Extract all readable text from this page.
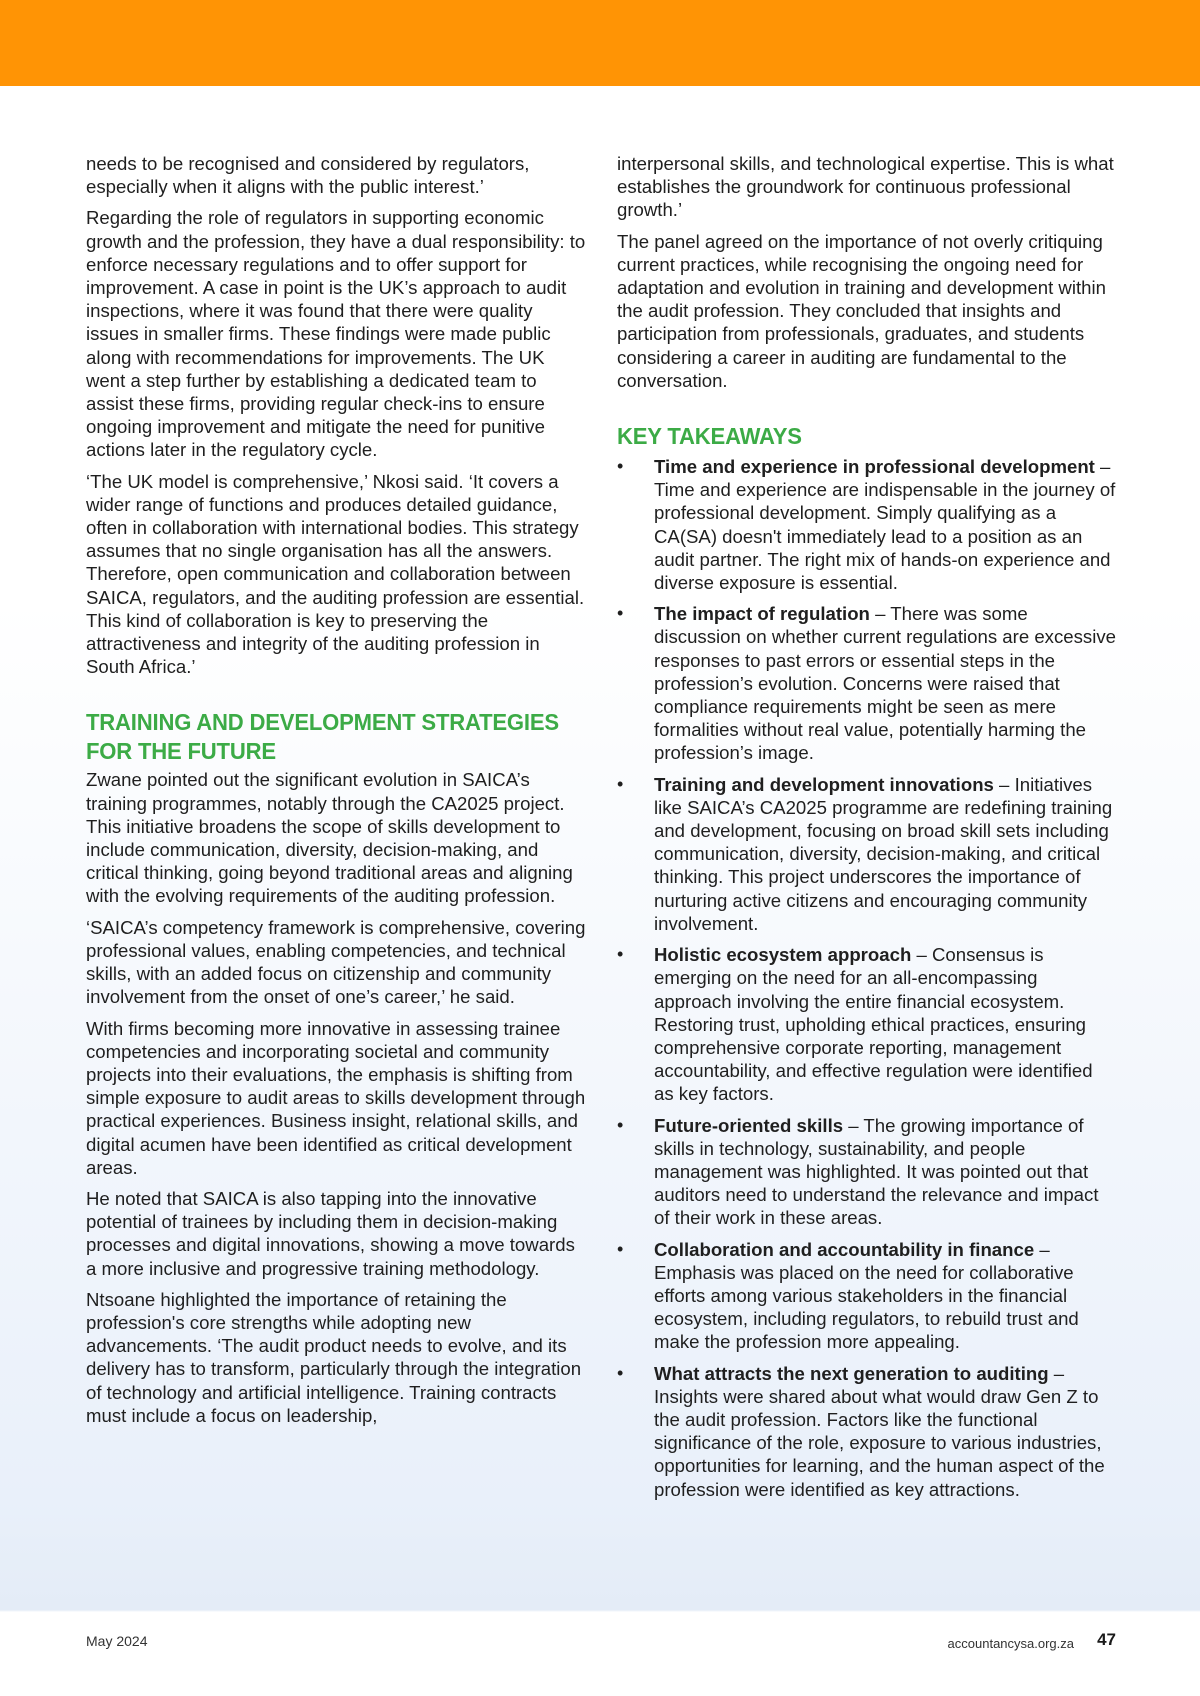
needs to be recognised and considered by regulators, especially when it aligns with the public interest.’

Regarding the role of regulators in supporting economic growth and the profession, they have a dual responsibility: to enforce necessary regulations and to offer support for improvement. A case in point is the UK’s approach to audit inspections, where it was found that there were quality issues in smaller firms. These findings were made public along with recommendations for improvements. The UK went a step further by establishing a dedicated team to assist these firms, providing regular check-ins to ensure ongoing improvement and mitigate the need for punitive actions later in the regulatory cycle.

‘The UK model is comprehensive,’ Nkosi said. ‘It covers a wider range of functions and produces detailed guidance, often in collaboration with international bodies. This strategy assumes that no single organisation has all the answers. Therefore, open communication and collaboration between SAICA, regulators, and the auditing profession are essential. This kind of collaboration is key to preserving the attractiveness and integrity of the auditing profession in South Africa.’

TRAINING AND DEVELOPMENT STRATEGIES FOR THE FUTURE

Zwane pointed out the significant evolution in SAICA’s training programmes, notably through the CA2025 project. This initiative broadens the scope of skills development to include communication, diversity, decision-making, and critical thinking, going beyond traditional areas and aligning with the evolving requirements of the auditing profession.

‘SAICA’s competency framework is comprehensive, covering professional values, enabling competencies, and technical skills, with an added focus on citizenship and community involvement from the onset of one’s career,’ he said.

With firms becoming more innovative in assessing trainee competencies and incorporating societal and community projects into their evaluations, the emphasis is shifting from simple exposure to audit areas to skills development through practical experiences. Business insight, relational skills, and digital acumen have been identified as critical development areas.

He noted that SAICA is also tapping into the innovative potential of trainees by including them in decision-making processes and digital innovations, showing a move towards a more inclusive and progressive training methodology.

Ntsoane highlighted the importance of retaining the profession's core strengths while adopting new advancements. ‘The audit product needs to evolve, and its delivery has to transform, particularly through the integration of technology and artificial intelligence. Training contracts must include a focus on leadership,

interpersonal skills, and technological expertise. This is what establishes the groundwork for continuous professional growth.’

The panel agreed on the importance of not overly critiquing current practices, while recognising the ongoing need for adaptation and evolution in training and development within the audit profession. They concluded that insights and participation from professionals, graduates, and students considering a career in auditing are fundamental to the conversation.

KEY TAKEAWAYS
• Time and experience in professional development – Time and experience are indispensable in the journey of professional development. Simply qualifying as a CA(SA) doesn't immediately lead to a position as an audit partner. The right mix of hands-on experience and diverse exposure is essential.
• The impact of regulation – There was some discussion on whether current regulations are excessive responses to past errors or essential steps in the profession’s evolution. Concerns were raised that compliance requirements might be seen as mere formalities without real value, potentially harming the profession’s image.
• Training and development innovations – Initiatives like SAICA’s CA2025 programme are redefining training and development, focusing on broad skill sets including communication, diversity, decision-making, and critical thinking. This project underscores the importance of nurturing active citizens and encouraging community involvement.
• Holistic ecosystem approach – Consensus is emerging on the need for an all-encompassing approach involving the entire financial ecosystem. Restoring trust, upholding ethical practices, ensuring comprehensive corporate reporting, management accountability, and effective regulation were identified as key factors.
• Future-oriented skills – The growing importance of skills in technology, sustainability, and people management was highlighted. It was pointed out that auditors need to understand the relevance and impact of their work in these areas.
• Collaboration and accountability in finance – Emphasis was placed on the need for collaborative efforts among various stakeholders in the financial ecosystem, including regulators, to rebuild trust and make the profession more appealing.
• What attracts the next generation to auditing – Insights were shared about what would draw Gen Z to the audit profession. Factors like the functional significance of the role, exposure to various industries, opportunities for learning, and the human aspect of the profession were identified as key attractions.
May 2024	accountancysa.org.za 47
